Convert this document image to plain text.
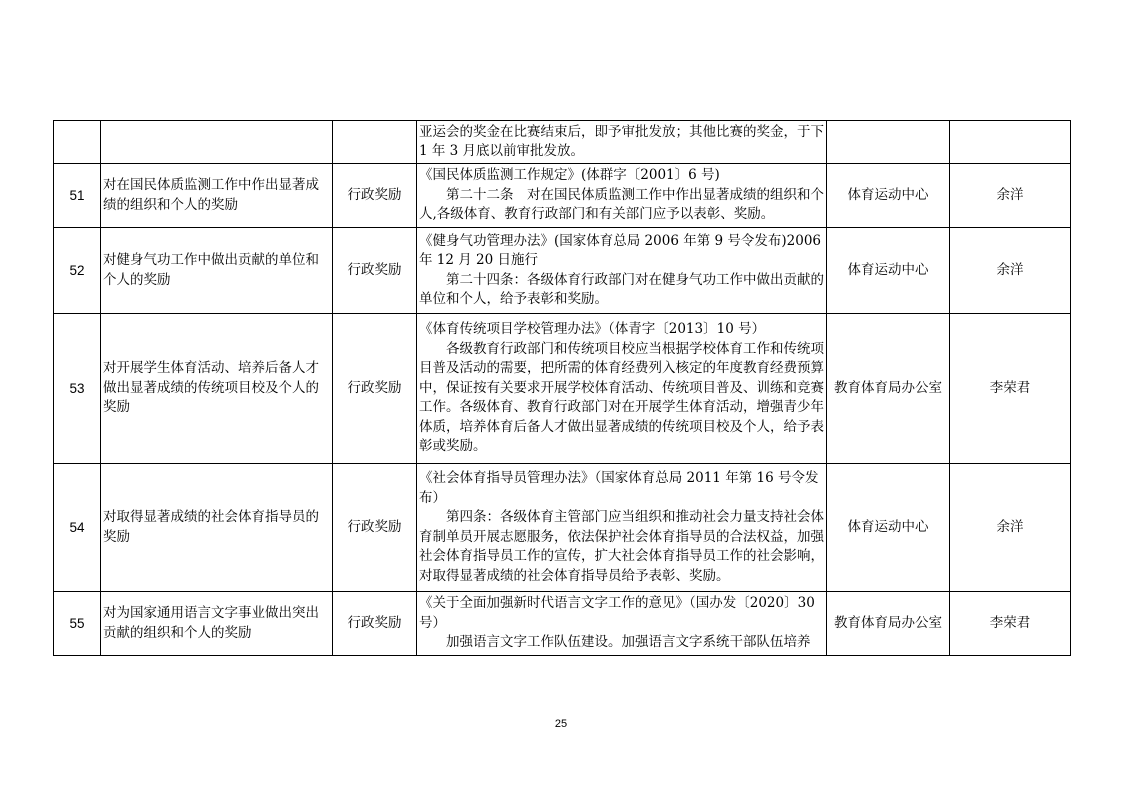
			亚运会的奖金在比赛结束后，即予审批发放；其他比赛的奖金，于下 1 年 3 月底以前审批发放。		

51	对在国民体质监测工作中作出显著成绩的组织和个人的奖励	行政奖励	《国民体质监测工作规定》(体群字〔2001〕6 号)
第二十二条　对在国民体质监测工作中作出显著成绩的组织和个人,各级体育、教育行政部门和有关部门应予以表彰、奖励。	体育运动中心	余洋
52	对健身气功工作中做出贡献的单位和个人的奖励	行政奖励	《健身气功管理办法》(国家体育总局 2006 年第 9 号令发布)2006 年 12 月 20 日施行
第二十四条：各级体育行政部门对在健身气功工作中做出贡献的单位和个人，给予表彰和奖励。	体育运动中心	余洋
53	对开展学生体育活动、培养后备人才做出显著成绩的传统项目校及个人的奖励	行政奖励	《体育传统项目学校管理办法》（体青字〔2013〕10 号）
各级教育行政部门和传统项目校应当根据学校体育工作和传统项目普及活动的需要，把所需的体育经费列入核定的年度教育经费预算中，保证按有关要求开展学校体育活动、传统项目普及、训练和竞赛工作。各级体育、教育行政部门对在开展学生体育活动，增强青少年体质，培养体育后备人才做出显著成绩的传统项目校及个人，给予表彰或奖励。	教育体育局办公室	李荣君
54	对取得显著成绩的社会体育指导员的奖励	行政奖励	《社会体育指导员管理办法》（国家体育总局 2011 年第 16 号令发布）
第四条：各级体育主管部门应当组织和推动社会力量支持社会体育制单员开展志愿服务，依法保护社会体育指导员的合法权益，加强社会体育指导员工作的宣传，扩大社会体育指导员工作的社会影响，对取得显著成绩的社会体育指导员给予表彰、奖励。	体育运动中心	余洋
55	对为国家通用语言文字事业做出突出贡献的组织和个人的奖励	行政奖励	《关于全面加强新时代语言文字工作的意见》（国办发〔2020〕30 号）
加强语言文字工作队伍建设。加强语言文字系统干部队伍培养	教育体育局办公室	李荣君
25
